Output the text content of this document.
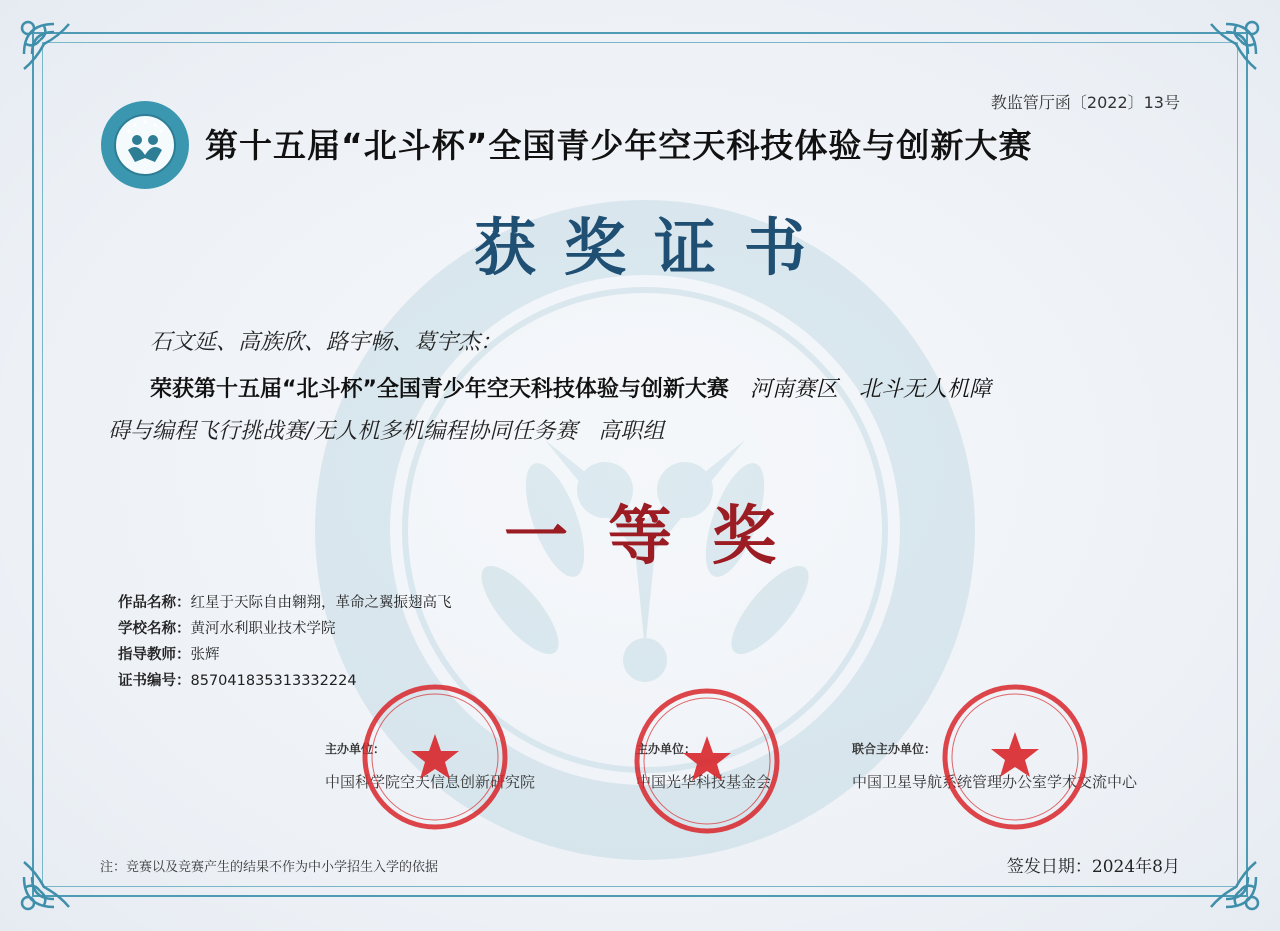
教监管厅函〔2022〕13号
第十五届“北斗杯”全国青少年空天科技体验与创新大赛
获奖证书
石文延、高族欣、路宇畅、葛宇杰：
荣获第十五届“北斗杯”全国青少年空天科技体验与创新大赛 河南赛区 北斗无人机障
碍与编程飞行挑战赛/无人机多机编程协同任务赛 高职组
一等奖
作品名称：红星于天际自由翱翔，革命之翼振翅高飞
学校名称：黄河水利职业技术学院
指导教师：张辉
证书编号：857041835313332224
主办单位：
中国科学院空天信息创新研究院
主办单位：
中国光华科技基金会
联合主办单位：
中国卫星导航系统管理办公室学术交流中心
注：竞赛以及竞赛产生的结果不作为中小学招生入学的依据	签发日期：2024年8月
